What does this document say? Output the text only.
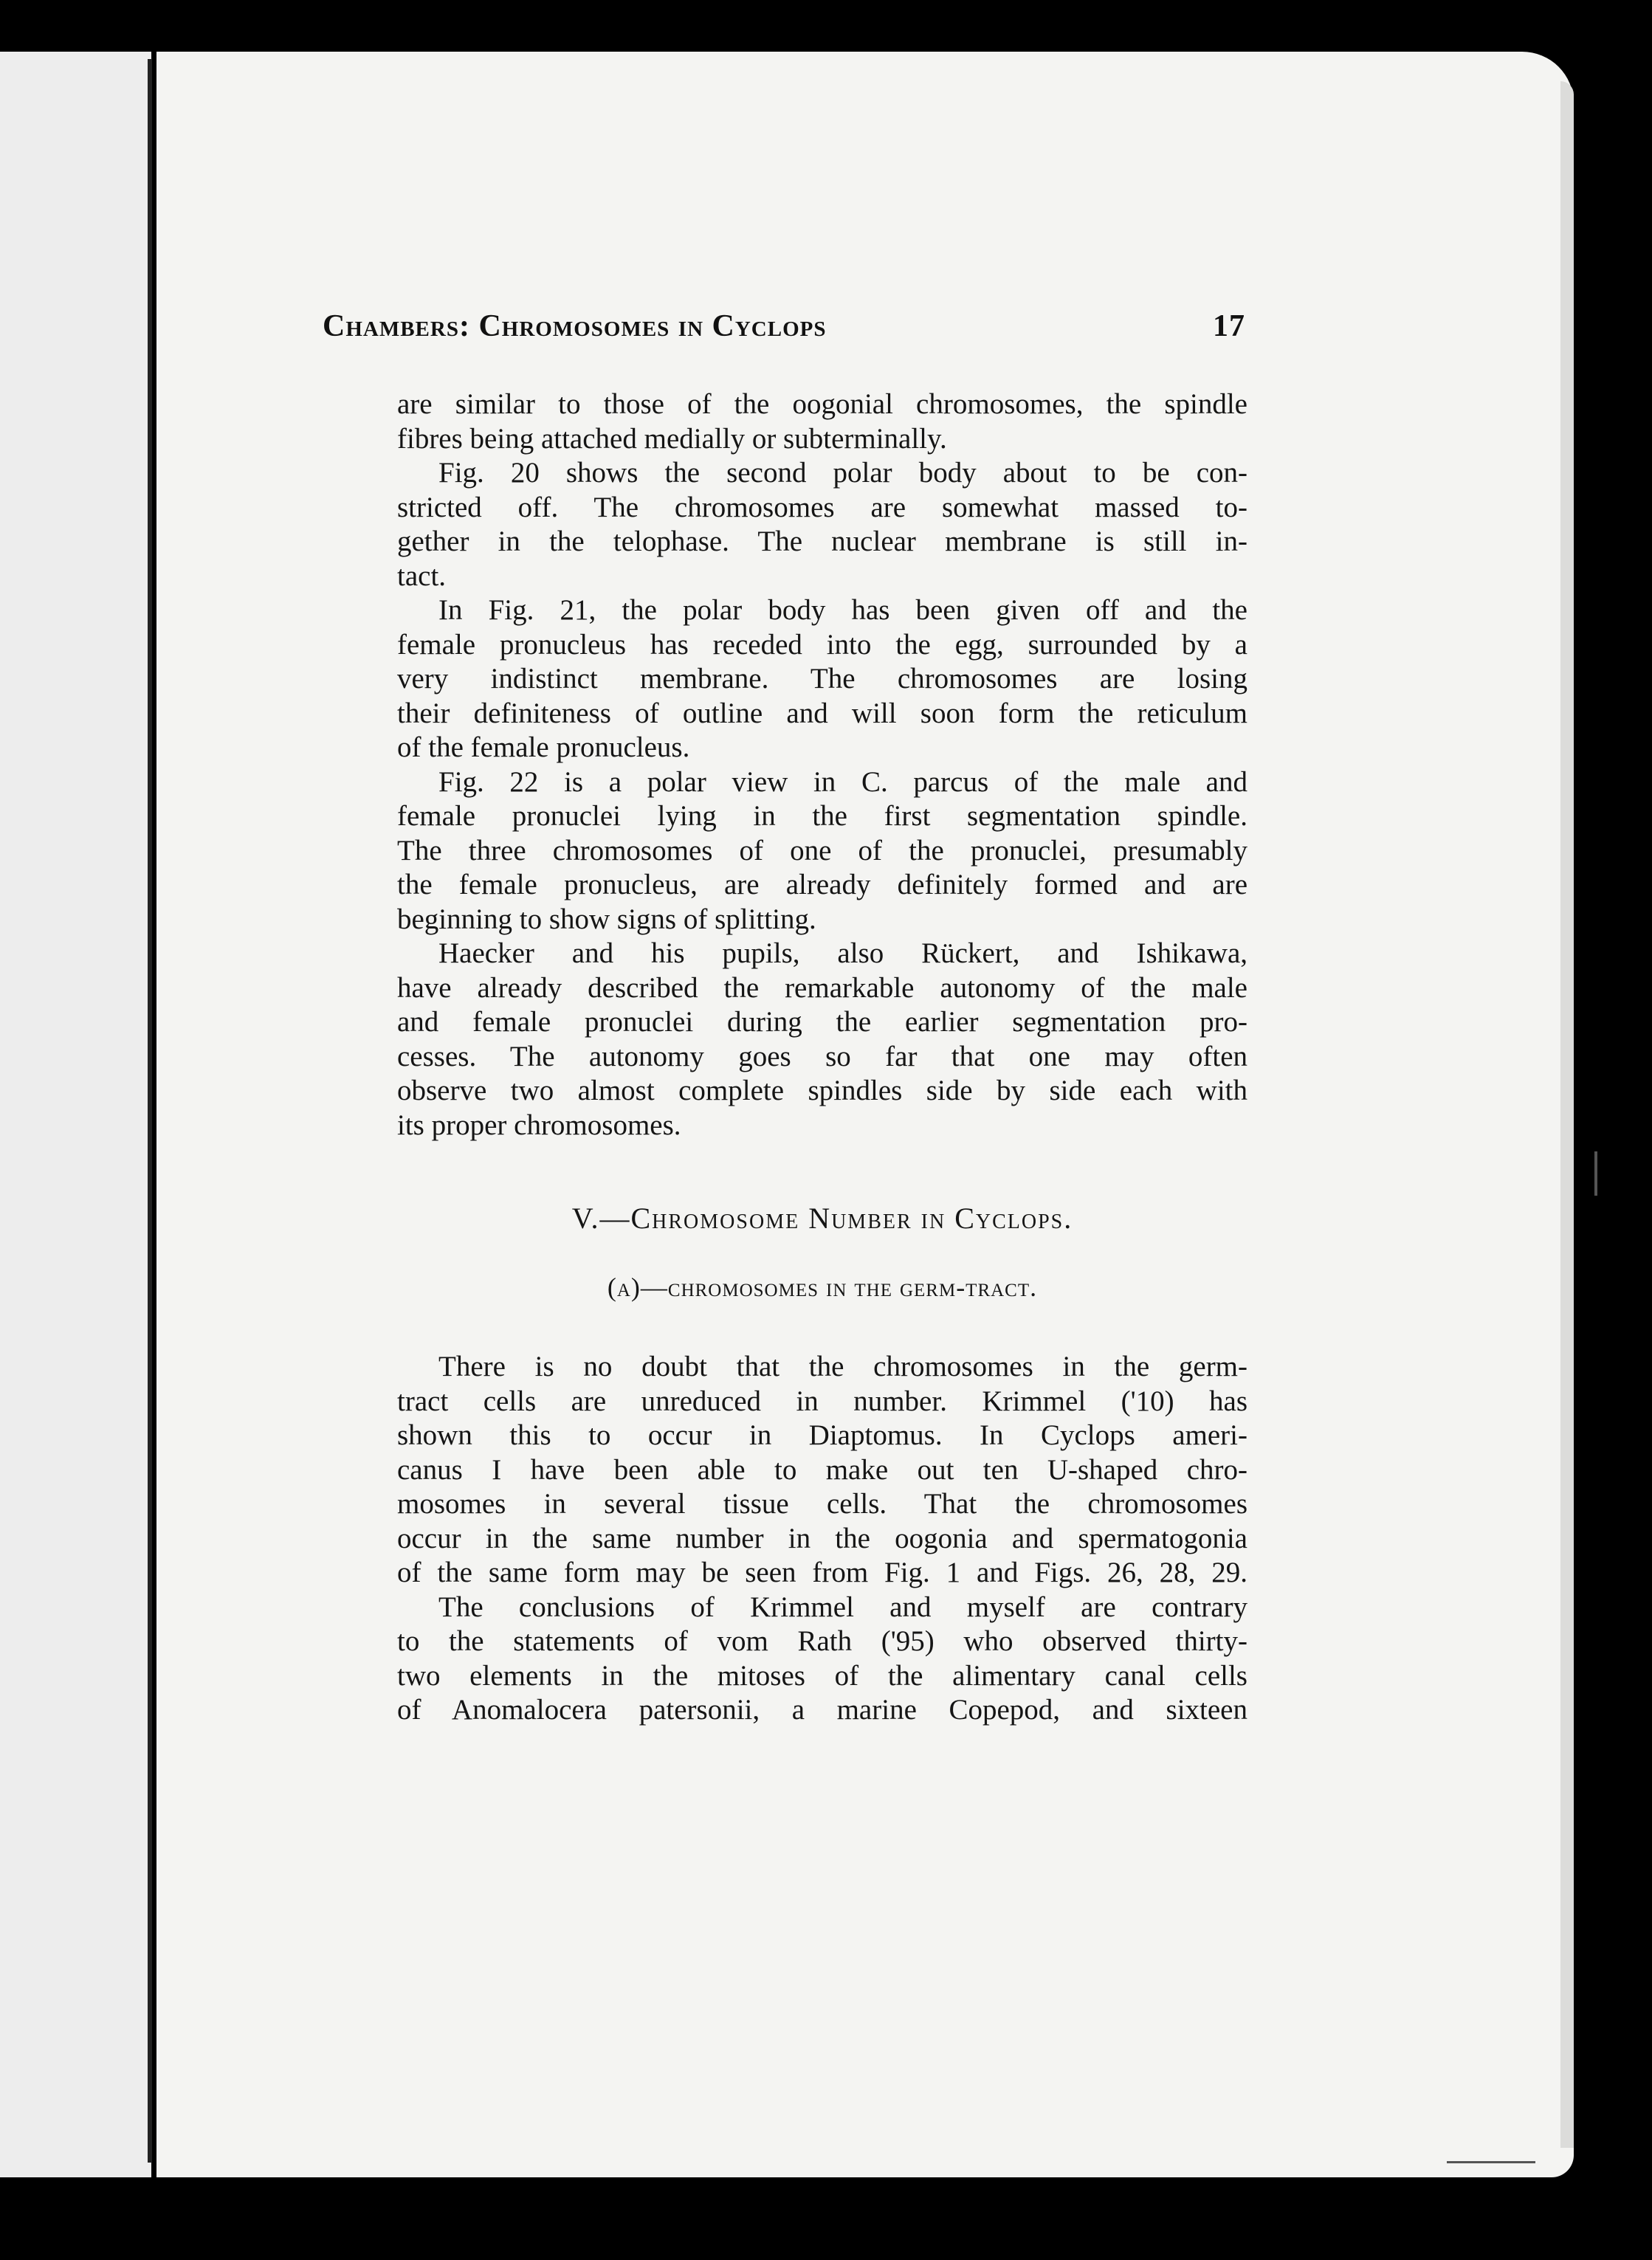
Chambers: Chromosomes in Cyclops	17
are similar to those of the oogonial chromosomes, the spindle
fibres being attached medially or subterminally.
Fig. 20 shows the second polar body about to be con-
stricted off. The chromosomes are somewhat massed to-
gether in the telophase. The nuclear membrane is still in-
tact.
In Fig. 21, the polar body has been given off and the
female pronucleus has receded into the egg, surrounded by a
very indistinct membrane. The chromosomes are losing
their definiteness of outline and will soon form the reticulum
of the female pronucleus.
Fig. 22 is a polar view in C. parcus of the male and
female pronuclei lying in the first segmentation spindle.
The three chromosomes of one of the pronuclei, presumably
the female pronucleus, are already definitely formed and are
beginning to show signs of splitting.
Haecker and his pupils, also Rückert, and Ishikawa,
have already described the remarkable autonomy of the male
and female pronuclei during the earlier segmentation pro-
cesses. The autonomy goes so far that one may often
observe two almost complete spindles side by side each with
its proper chromosomes.
V.—Chromosome Number in Cyclops.
(a)—chromosomes in the germ-tract.
There is no doubt that the chromosomes in the germ-
tract cells are unreduced in number. Krimmel ('10) has
shown this to occur in Diaptomus. In Cyclops ameri-
canus I have been able to make out ten U-shaped chro-
mosomes in several tissue cells. That the chromosomes
occur in the same number in the oogonia and spermatogonia
of the same form may be seen from Fig. 1 and Figs. 26, 28, 29.
The conclusions of Krimmel and myself are contrary
to the statements of vom Rath ('95) who observed thirty-
two elements in the mitoses of the alimentary canal cells
of Anomalocera patersonii, a marine Copepod, and sixteen
